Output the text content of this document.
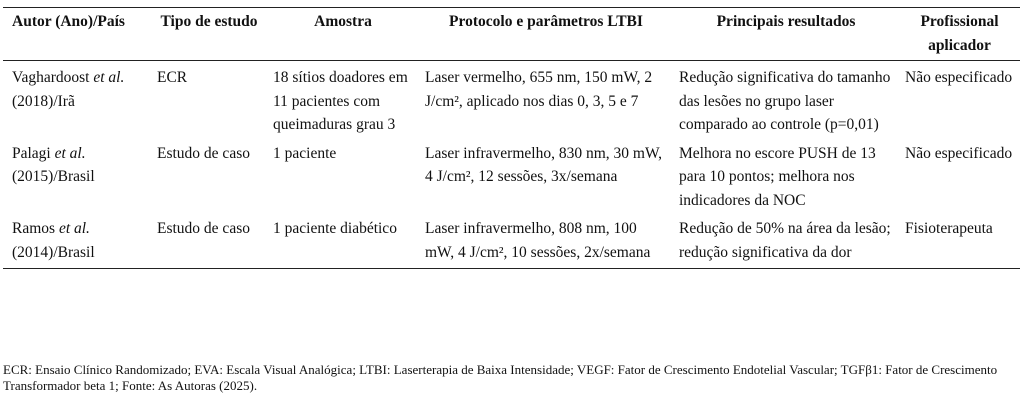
Autor (Ano)/País	Tipo de estudo	Amostra	Protocolo e parâmetros LTBI	Principais resultados	Profissional aplicador
Vaghardoost et al. (2018)/Irã	ECR	18 sítios doadores em 11 pacientes com queimaduras grau 3	Laser vermelho, 655 nm, 150 mW, 2 J/cm², aplicado nos dias 0, 3, 5 e 7	Redução significativa do tamanho das lesões no grupo laser comparado ao controle (p=0,01)	Não especificado
Palagi et al. (2015)/Brasil	Estudo de caso	1 paciente	Laser infravermelho, 830 nm, 30 mW, 4 J/cm², 12 sessões, 3x/semana	Melhora no escore PUSH de 13 para 10 pontos; melhora nos indicadores da NOC	Não especificado
Ramos et al. (2014)/Brasil	Estudo de caso	1 paciente diabético	Laser infravermelho, 808 nm, 100 mW, 4 J/cm², 10 sessões, 2x/semana	Redução de 50% na área da lesão; redução significativa da dor	Fisioterapeuta
ECR: Ensaio Clínico Randomizado; EVA: Escala Visual Analógica; LTBI: Laserterapia de Baixa Intensidade; VEGF: Fator de Crescimento Endotelial Vascular; TGFβ1: Fator de Crescimento Transformador beta 1; Fonte: As Autoras (2025).
